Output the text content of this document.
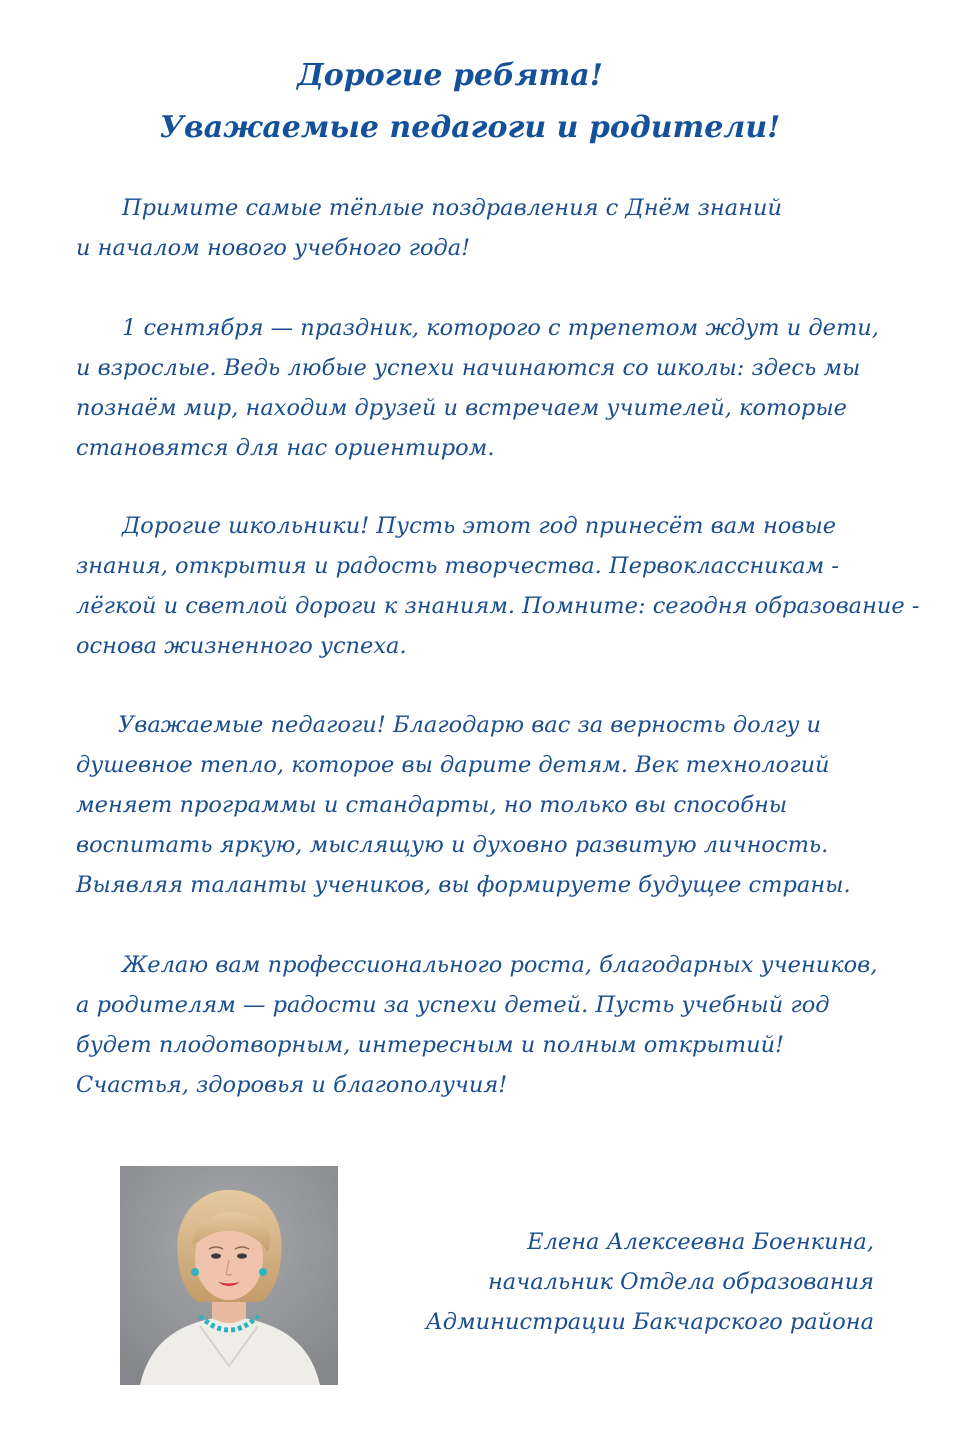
Дорогие ребята!
Уважаемые педагоги и родители!
Примите самые тёплые поздравления с Днём знаний
и началом нового учебного года!
1 сентября — праздник, которого с трепетом ждут и дети,
и взрослые. Ведь любые успехи начинаются со школы: здесь мы
познаём мир, находим друзей и встречаем учителей, которые
становятся для нас ориентиром.
Дорогие школьники! Пусть этот год принесёт вам новые
знания, открытия и радость творчества. Первоклассникам -
лёгкой и светлой дороги к знаниям. Помните: сегодня образование -
основа жизненного успеха.
Уважаемые педагоги! Благодарю вас за верность долгу и
душевное тепло, которое вы дарите детям. Век технологий
меняет программы и стандарты, но только вы способны
воспитать яркую, мыслящую и духовно развитую личность.
Выявляя таланты учеников, вы формируете будущее страны.
Желаю вам профессионального роста, благодарных учеников,
а родителям — радости за успехи детей. Пусть учебный год
будет плодотворным, интересным и полным открытий!
Счастья, здоровья и благополучия!
Елена Алексеевна Боенкина,
начальник Отдела образования
Администрации Бакчарского района
